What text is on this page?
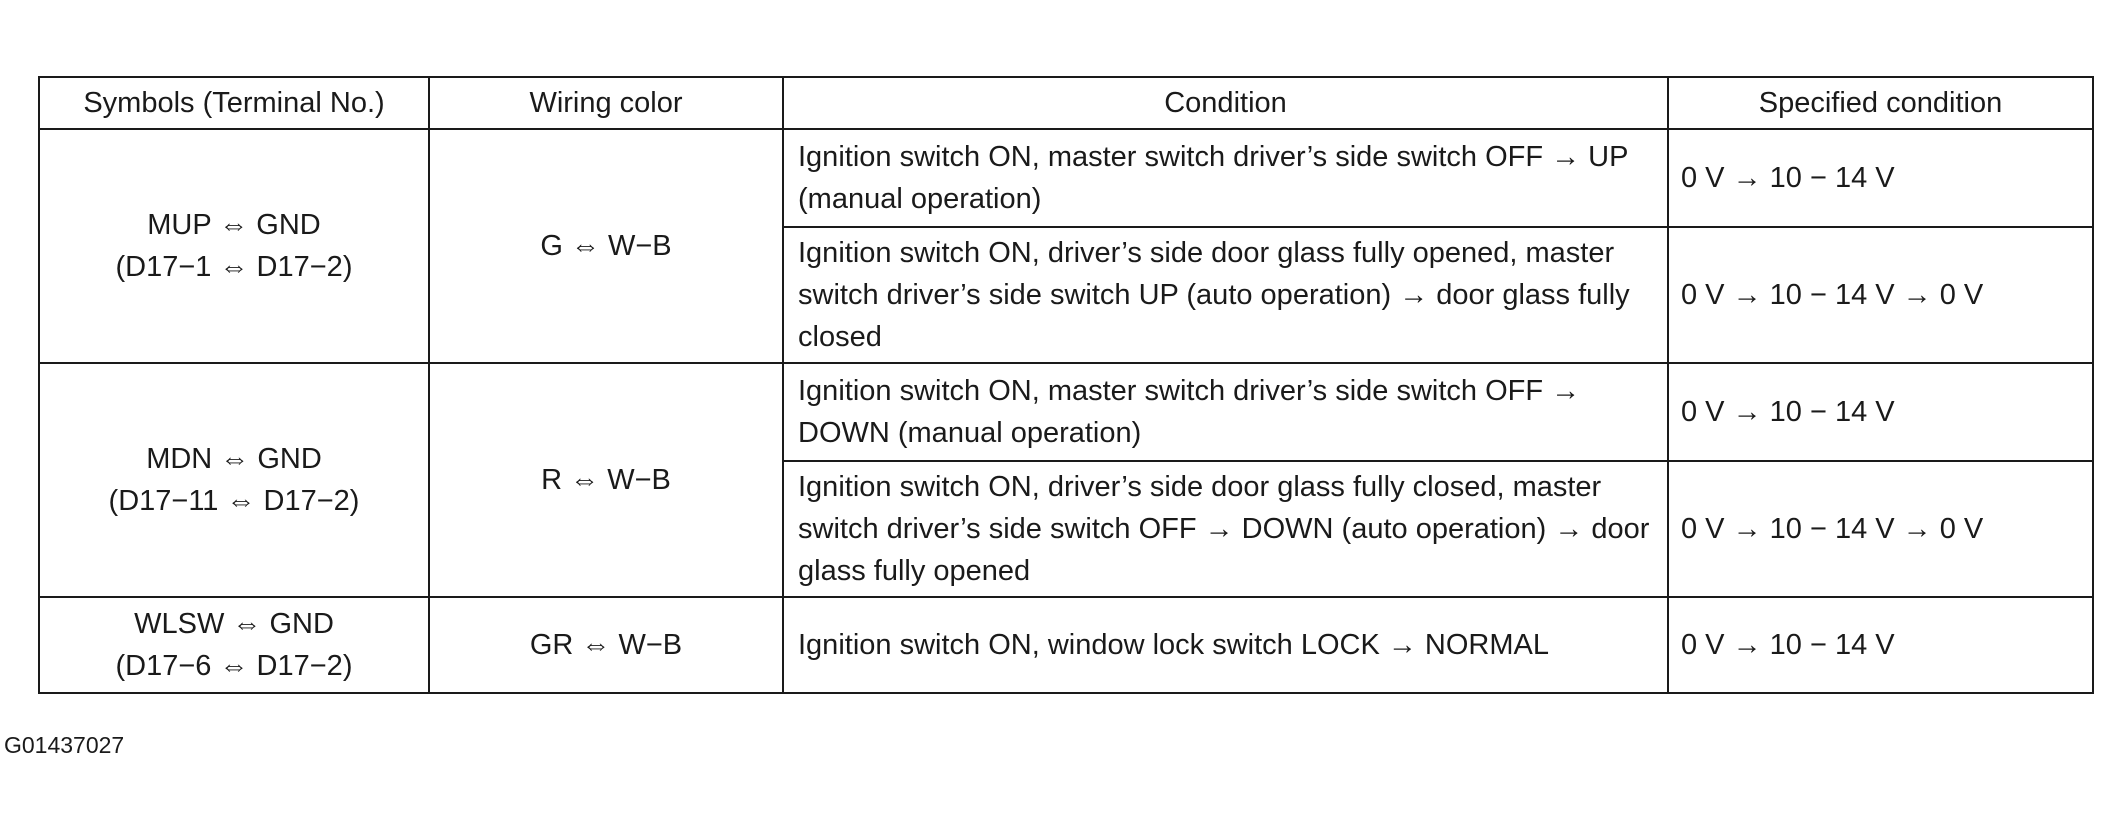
Symbols (Terminal No.)	Wiring color	Condition	Specified condition

MUP ⇔ GND
(D17−1 ⇔ D17−2)	G ⇔ W−B	Ignition switch ON, master switch driver’s side switch OFF → UP (manual operation)	0 V → 10 − 14 V
		Ignition switch ON, driver’s side door glass fully opened, master switch driver’s side switch UP (auto operation) → door glass fully closed	0 V → 10 − 14 V → 0 V

MDN ⇔ GND
(D17−11 ⇔ D17−2)	R ⇔ W−B	Ignition switch ON, master switch driver’s side switch OFF → DOWN (manual operation)	0 V → 10 − 14 V
		Ignition switch ON, driver’s side door glass fully closed, master switch driver’s side switch OFF → DOWN (auto operation) → door glass fully opened	0 V → 10 − 14 V → 0 V

WLSW ⇔ GND
(D17−6 ⇔ D17−2)	GR ⇔ W−B	Ignition switch ON, window lock switch LOCK → NORMAL	0 V → 10 − 14 V
G01437027
